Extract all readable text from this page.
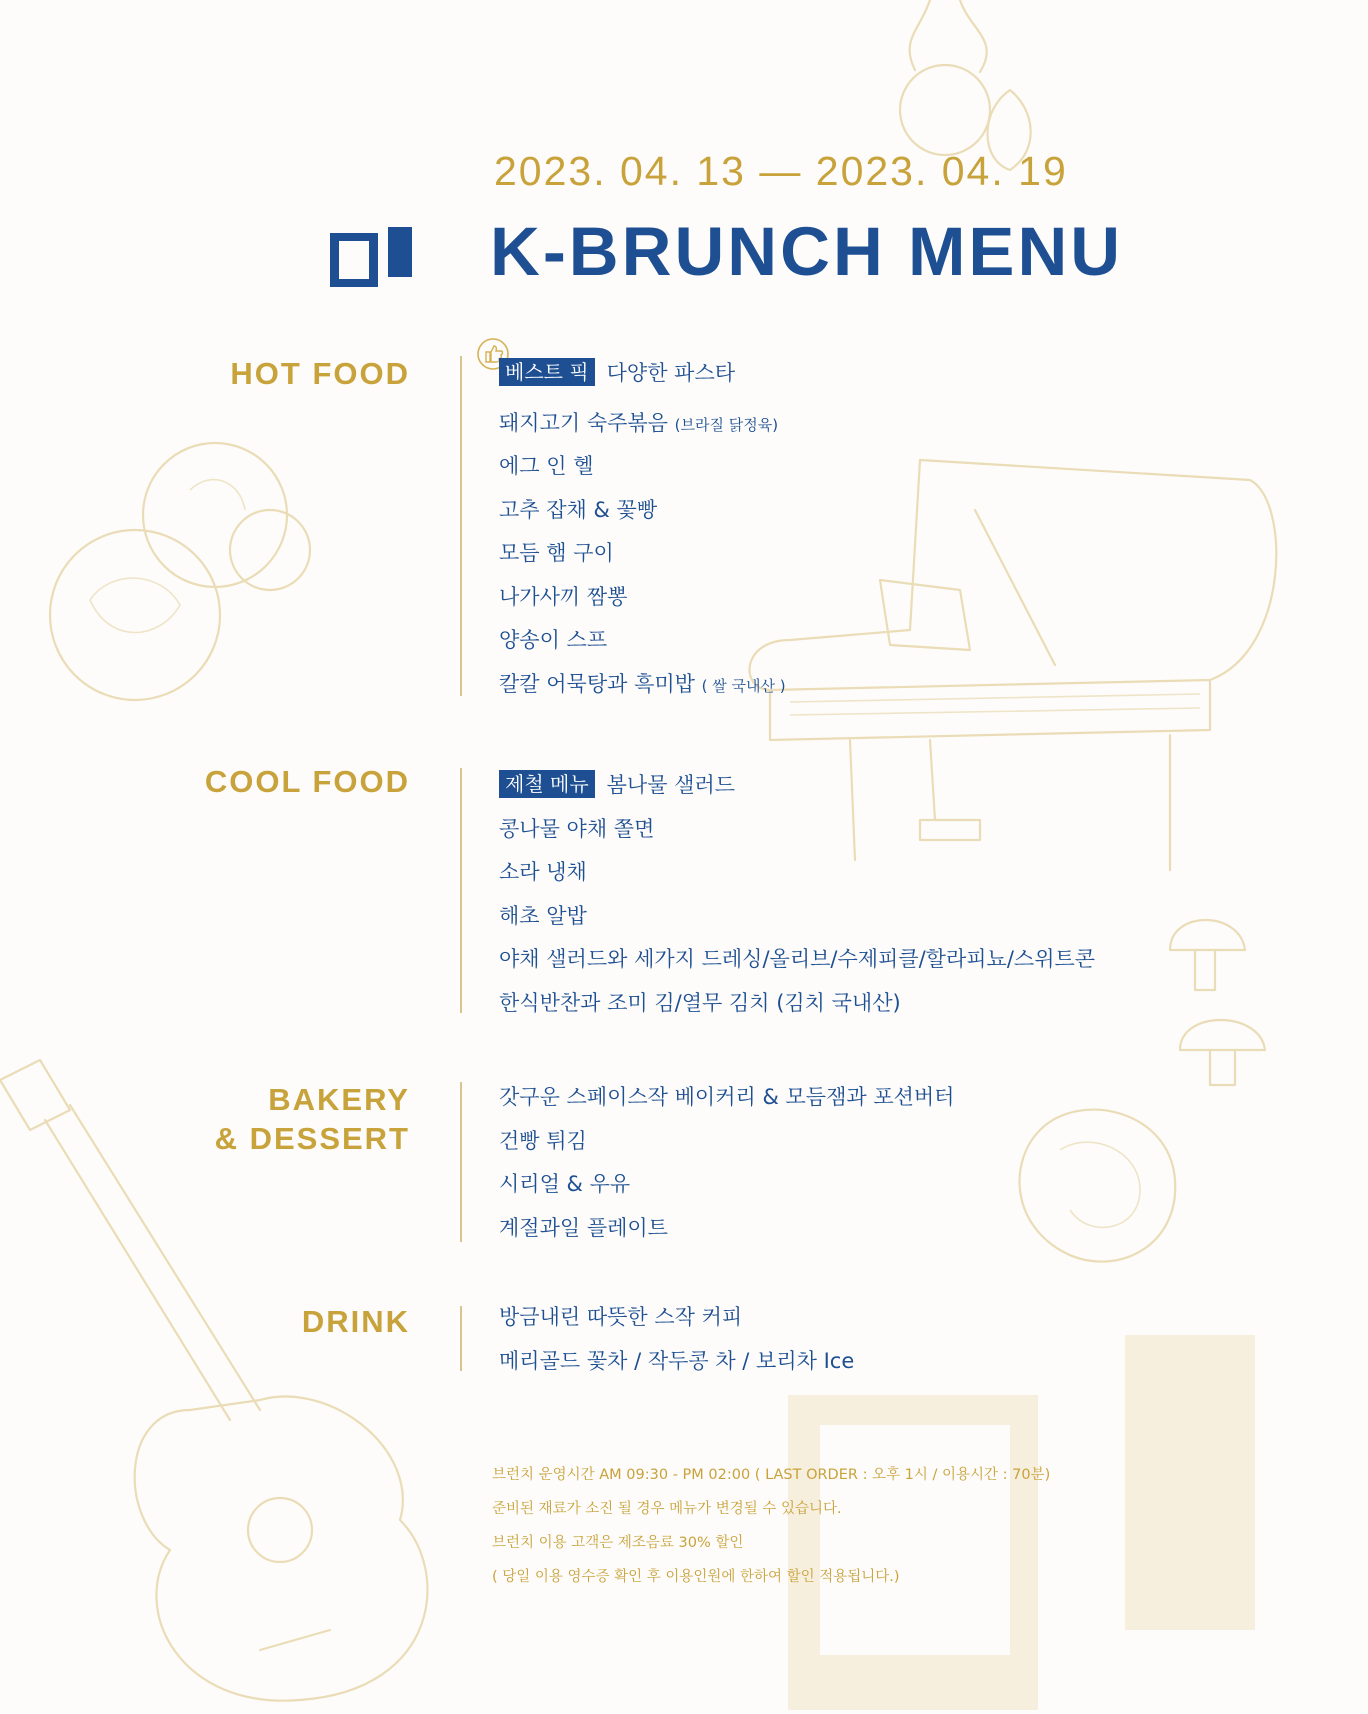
2023. 04. 13 — 2023. 04. 19
K-BRUNCH MENU
HOT FOOD	베스트 픽 다양한 파스타
돼지고기 숙주볶음 (브라질 닭정육)
에그 인 헬
고추 잡채 & 꽃빵
모듬 햄 구이
나가사끼 짬뽕
양송이 스프
칼칼 어묵탕과 흑미밥 ( 쌀 국내산 )
COOL FOOD	제철 메뉴 봄나물 샐러드
콩나물 야채 쫄면
소라 냉채
해초 알밥
야채 샐러드와 세가지 드레싱/올리브/수제피클/할라피뇨/스위트콘
한식반찬과 조미 김/열무 김치 (김치 국내산)
BAKERY
& DESSERT
갓구운 스페이스작 베이커리 & 모듬잼과 포션버터
건빵 튀김
시리얼 & 우유
계절과일 플레이트
DRINK	방금내린 따뜻한 스작 커피
메리골드 꽃차 / 작두콩 차 / 보리차 Ice
브런치 운영시간 AM 09:30 - PM 02:00 ( LAST ORDER : 오후 1시 / 이용시간 : 70분)
준비된 재료가 소진 될 경우 메뉴가 변경될 수 있습니다.
브런치 이용 고객은 제조음료 30% 할인
( 당일 이용 영수증 확인 후 이용인원에 한하여 할인 적용됩니다.)
